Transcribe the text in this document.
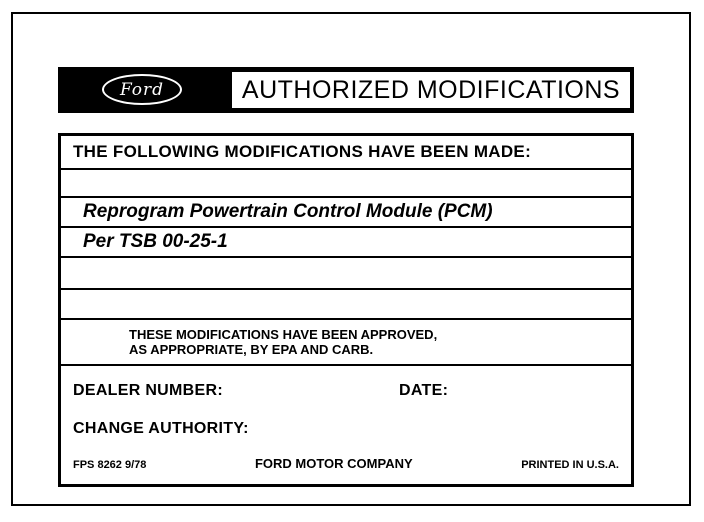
Ford	AUTHORIZED MODIFICATIONS
THE FOLLOWING MODIFICATIONS HAVE BEEN MADE:
Reprogram Powertrain Control Module (PCM)
Per TSB 00-25-1
THESE MODIFICATIONS HAVE BEEN APPROVED,
AS APPROPRIATE, BY EPA AND CARB.
DEALER NUMBER:	DATE:
CHANGE AUTHORITY:
FPS 8262 9/78	FORD MOTOR COMPANY	PRINTED IN U.S.A.
